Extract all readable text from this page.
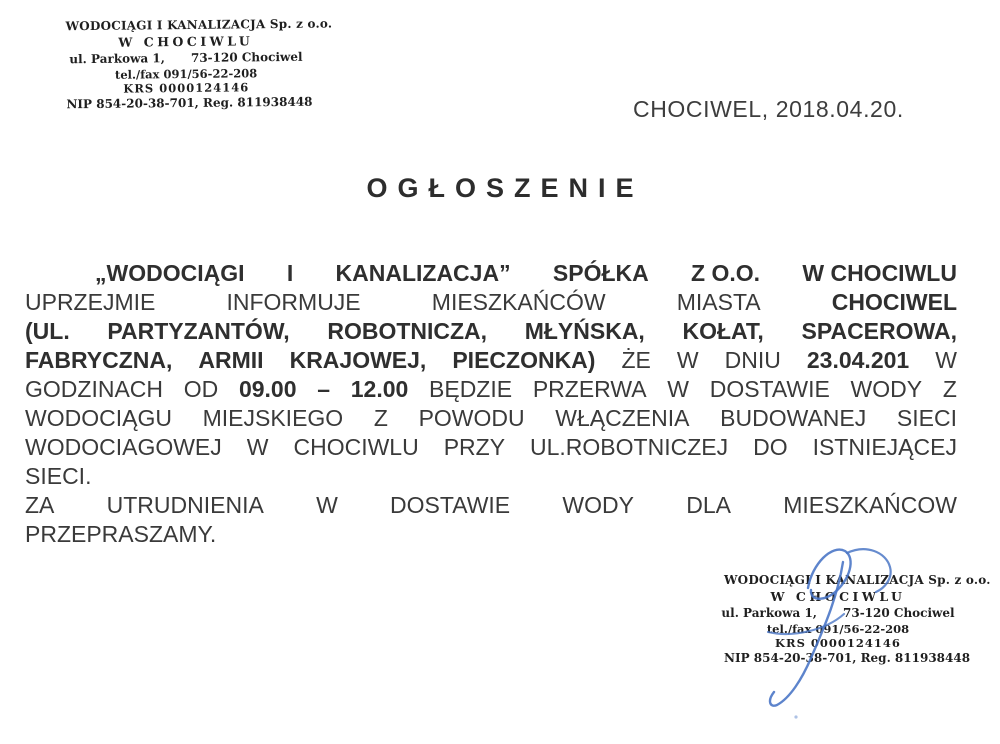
WODOCIĄGI I KANALIZACJA Sp. z o.o.
W CHOCIWLU
ul. Parkowa 1, 73-120 Chociwel
tel./fax 091/56-22-208
KRS 0000124146
NIP 854-20-38-701, Reg. 811938448	CHOCIWEL, 2018.04.20.
OGŁOSZENIE
„WODOCIĄGI I KANALIZACJA” SPÓŁKA Z O.O. W CHOCIWLU
UPRZEJMIE	INFORMUJE	MIESZKAŃCÓW	MIASTA	CHOCIWEL
(UL. PARTYZANTÓW, ROBOTNICZA, MŁYŃSKA, KOŁAT, SPACEROWA,
FABRYCZNA, ARMII KRAJOWEJ, PIECZONKA) ŻE W DNIU 23.04.201 W
GODZINACH OD 09.00 – 12.00 BĘDZIE PRZERWA W DOSTAWIE WODY Z
WODOCIĄGU MIEJSKIEGO Z POWODU WŁĄCZENIA BUDOWANEJ SIECI
WODOCIAGOWEJ W CHOCIWLU PRZY UL.ROBOTNICZEJ DO ISTNIEJĄCEJ
SIECI.
ZA UTRUDNIENIA W DOSTAWIE WODY DLA MIESZKAŃCOW
PRZEPRASZAMY.
WODOCIĄGI I KANALIZACJA Sp. z o.o.
W CHOCIWLU
ul. Parkowa 1, 73-120 Chociwel
tel./fax 091/56-22-208
KRS 0000124146
NIP 854-20-38-701, Reg. 811938448
